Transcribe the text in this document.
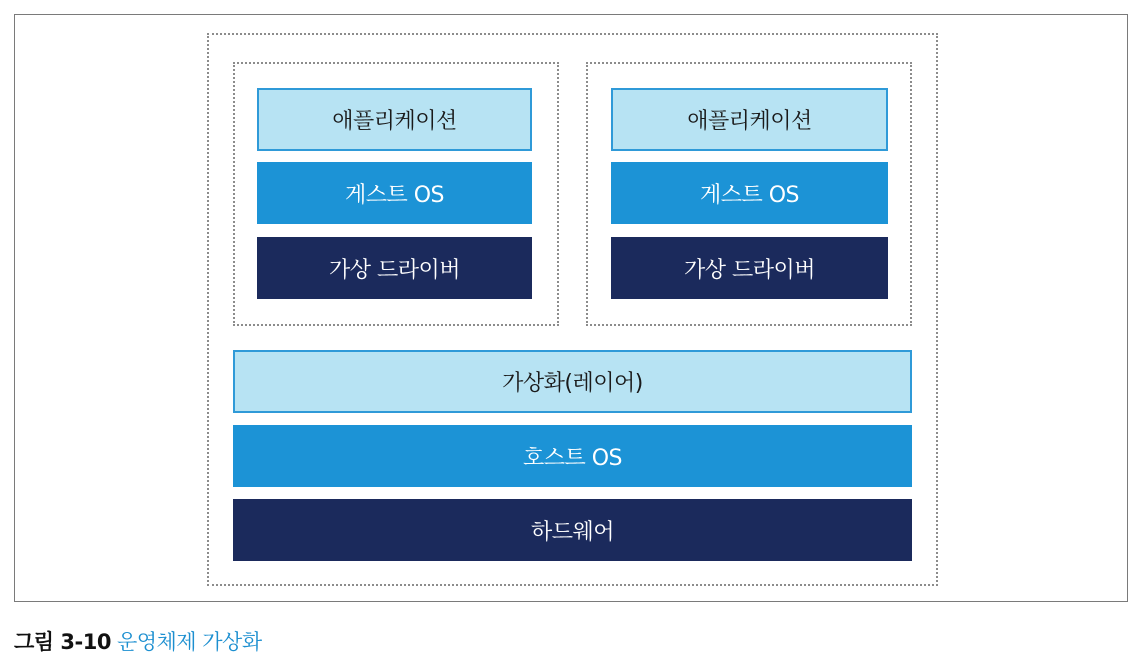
애플리케이션
게스트 OS
가상 드라이버
애플리케이션
게스트 OS
가상 드라이버
가상화(레이어)
호스트 OS
하드웨어
그림 3-10 운영체제 가상화
